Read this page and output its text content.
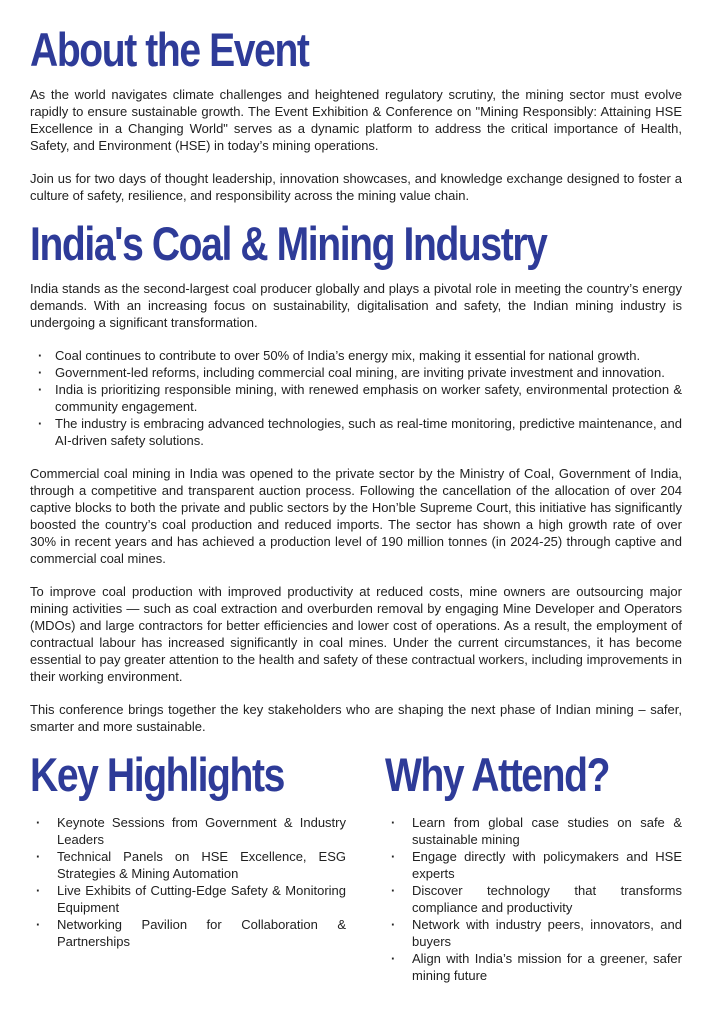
About the Event

As the world navigates climate challenges and heightened regulatory scrutiny, the mining sector must evolve rapidly to ensure sustainable growth. The Event Exhibition & Conference on "Mining Responsibly: Attaining HSE Excellence in a Changing World" serves as a dynamic platform to address the critical importance of Health, Safety, and Environment (HSE) in today’s mining operations.

Join us for two days of thought leadership, innovation showcases, and knowledge exchange designed to foster a culture of safety, resilience, and responsibility across the mining value chain.

India's Coal & Mining Industry

India stands as the second-largest coal producer globally and plays a pivotal role in meeting the country’s energy demands. With an increasing focus on sustainability, digitalisation and safety, the Indian mining industry is undergoing a significant transformation.

· Coal continues to contribute to over 50% of India’s energy mix, making it essential for national growth.
· Government-led reforms, including commercial coal mining, are inviting private investment and innovation.
· India is prioritizing responsible mining, with renewed emphasis on worker safety, environmental protection & community engagement.
· The industry is embracing advanced technologies, such as real-time monitoring, predictive maintenance, and AI-driven safety solutions.

Commercial coal mining in India was opened to the private sector by the Ministry of Coal, Government of India, through a competitive and transparent auction process. Following the cancellation of the allocation of over 204 captive blocks to both the private and public sectors by the Hon’ble Supreme Court, this initiative has significantly boosted the country’s coal production and reduced imports. The sector has shown a high growth rate of over 30% in recent years and has achieved a production level of 190 million tonnes (in 2024-25) through captive and commercial coal mines.

To improve coal production with improved productivity at reduced costs, mine owners are outsourcing major mining activities — such as coal extraction and overburden removal by engaging Mine Developer and Operators (MDOs) and large contractors for better efficiencies and lower cost of operations. As a result, the employment of contractual labour has increased significantly in coal mines. Under the current circumstances, it has become essential to pay greater attention to the health and safety of these contractual workers, including improvements in their working environment.

This conference brings together the key stakeholders who are shaping the next phase of Indian mining – safer, smarter and more sustainable.

Key Highlights
· Keynote Sessions from Government & Industry Leaders
· Technical Panels on HSE Excellence, ESG Strategies & Mining Automation
· Live Exhibits of Cutting-Edge Safety & Monitoring Equipment
· Networking Pavilion for Collaboration & Partnerships
Why Attend?
· Learn from global case studies on safe & sustainable mining
· Engage directly with policymakers and HSE experts
· Discover technology that transforms compliance and productivity
· Network with industry peers, innovators, and buyers
· Align with India’s mission for a greener, safer mining future
